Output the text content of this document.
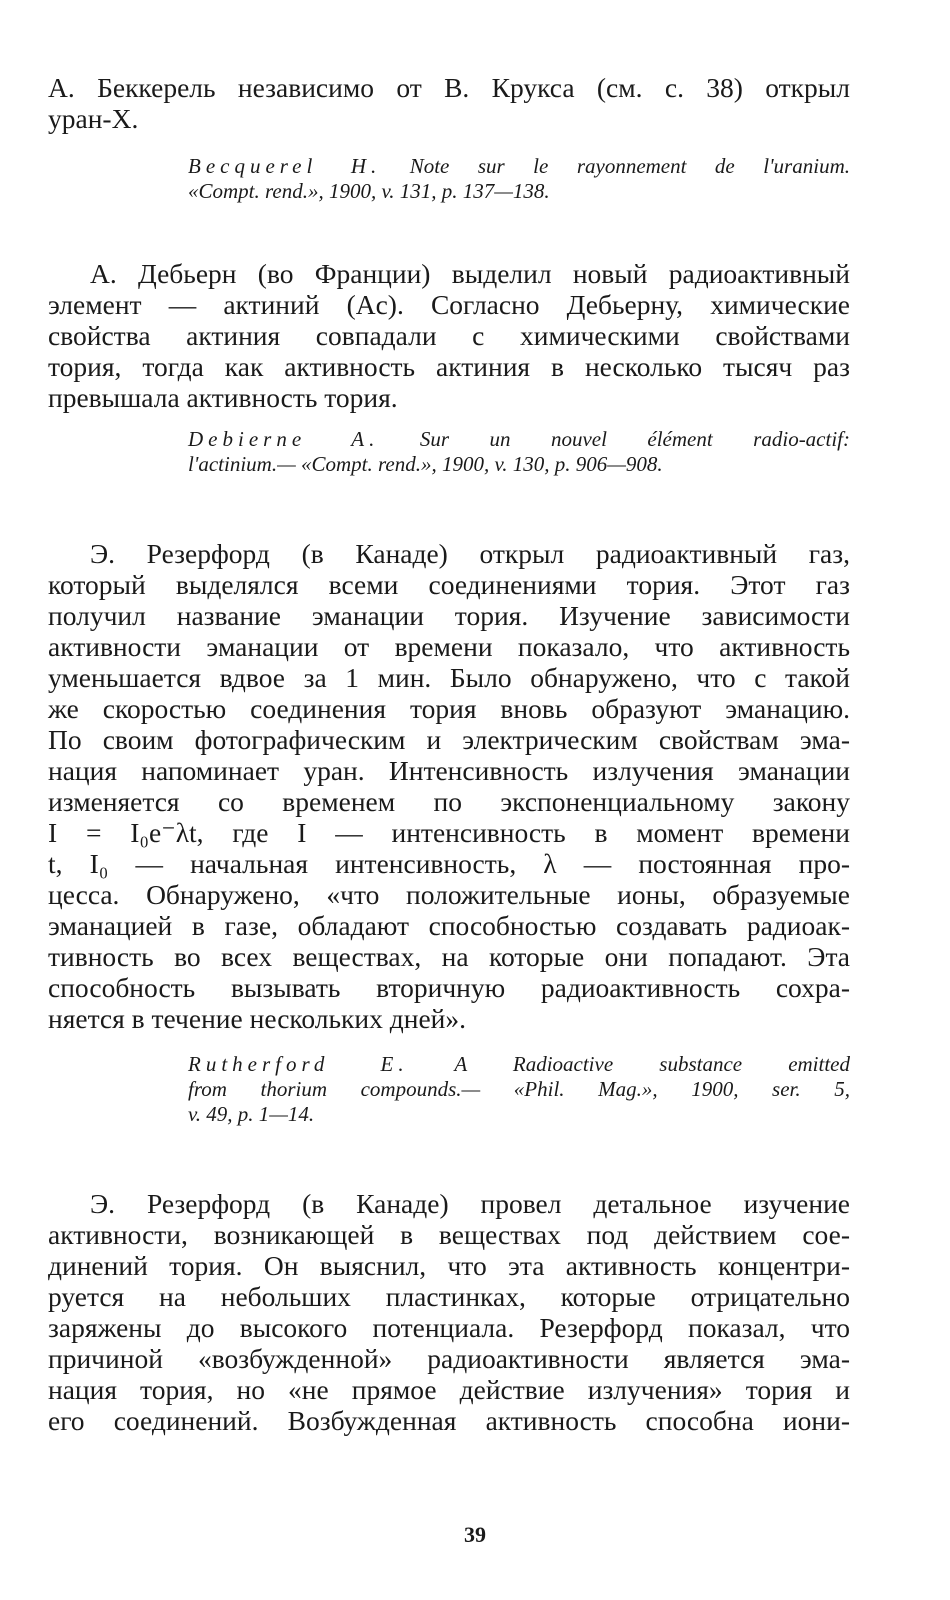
А. Беккерель независимо от В. Крукса (см. с. 38) открыл
уран-Х.
Becquerel H. Note sur le rayonnement de l'uranium.
«Compt. rend.», 1900, v. 131, p. 137—138.
А. Дебьерн (во Франции) выделил новый радиоактивный
элемент — актиний (Ac). Согласно Дебьерну, химические
свойства актиния совпадали с химическими свойствами
тория, тогда как активность актиния в несколько тысяч раз
превышала активность тория.
Debierne A. Sur un nouvel élément radio-actif:
l'actinium.— «Compt. rend.», 1900, v. 130, p. 906—908.
Э. Резерфорд (в Канаде) открыл радиоактивный газ,
который выделялся всеми соединениями тория. Этот газ
получил название эманации тория. Изучение зависимости
активности эманации от времени показало, что активность
уменьшается вдвое за 1 мин. Было обнаружено, что с такой
же скоростью соединения тория вновь образуют эманацию.
По своим фотографическим и электрическим свойствам эма-
нация напоминает уран. Интенсивность излучения эманации
изменяется со временем по экспоненциальному закону
I = I₀e⁻λt, где I — интенсивность в момент времени
t, I₀ — начальная интенсивность, λ — постоянная про-
цесса. Обнаружено, «что положительные ионы, образуемые
эманацией в газе, обладают способностью создавать радиоак-
тивность во всех веществах, на которые они попадают. Эта
способность вызывать вторичную радиоактивность сохра-
няется в течение нескольких дней».
Rutherford E. A Radioactive substance emitted
from thorium compounds.— «Phil. Mag.», 1900, ser. 5,
v. 49, p. 1—14.
Э. Резерфорд (в Канаде) провел детальное изучение
активности, возникающей в веществах под действием сое-
динений тория. Он выяснил, что эта активность концентри-
руется на небольших пластинках, которые отрицательно
заряжены до высокого потенциала. Резерфорд показал, что
причиной «возбужденной» радиоактивности является эма-
нация тория, но «не прямое действие излучения» тория и
его соединений. Возбужденная активность способна иони-
39
